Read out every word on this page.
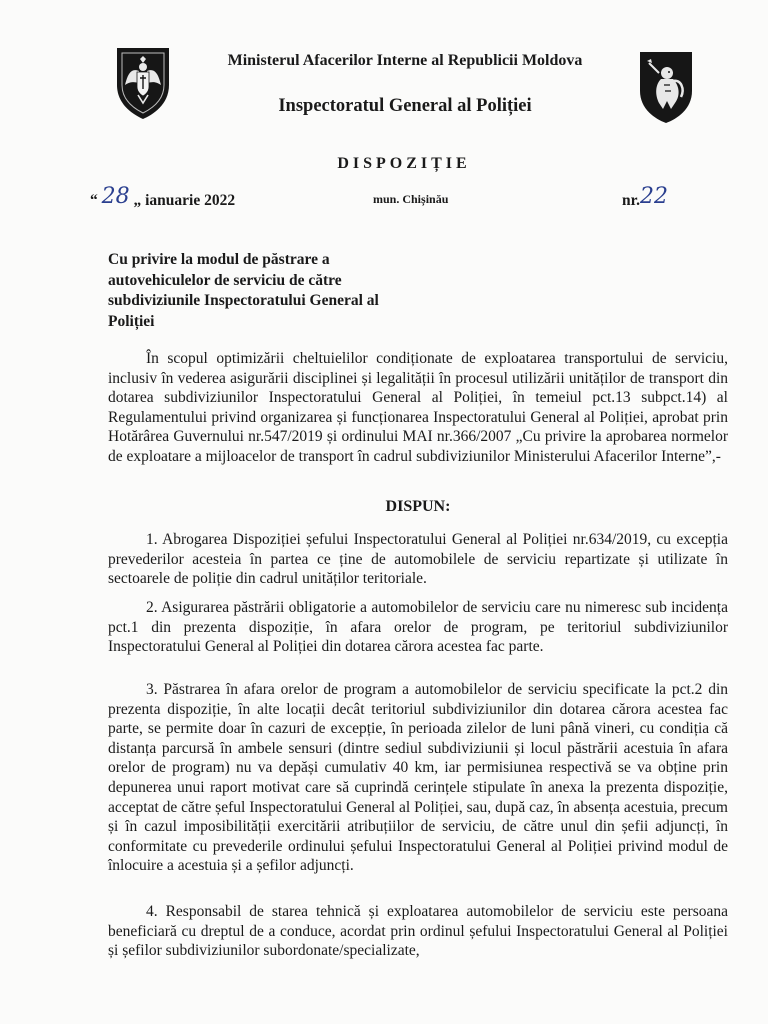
Ministerul Afacerilor Interne al Republicii Moldova
Inspectoratul General al Poliției
DISPOZIȚIE
“ 28 „ ianuarie 2022	mun. Chișinău	nr.22
Cu privire la modul de păstrare a autovehiculelor de serviciu de către subdiviziunile Inspectoratului General al Poliției

În scopul optimizării cheltuielilor condiționate de exploatarea transportului de serviciu, inclusiv în vederea asigurării disciplinei și legalității în procesul utilizării unităților de transport din dotarea subdiviziunilor Inspectoratului General al Poliției, în temeiul pct.13 subpct.14) al Regulamentului privind organizarea și funcționarea Inspectoratului General al Poliției, aprobat prin Hotărârea Guvernului nr.547/2019 și ordinului MAI nr.366/2007 „Cu privire la aprobarea normelor de exploatare a mijloacelor de transport în cadrul subdiviziunilor Ministerului Afacerilor Interne”,-

DISPUN:

1. Abrogarea Dispoziției șefului Inspectoratului General al Poliției nr.634/2019, cu excepția prevederilor acesteia în partea ce ține de automobilele de serviciu repartizate și utilizate în sectoarele de poliție din cadrul unităților teritoriale.

2. Asigurarea păstrării obligatorie a automobilelor de serviciu care nu nimeresc sub incidența pct.1 din prezenta dispoziție, în afara orelor de program, pe teritoriul subdiviziunilor Inspectoratului General al Poliției din dotarea cărora acestea fac parte.

3. Păstrarea în afara orelor de program a automobilelor de serviciu specificate la pct.2 din prezenta dispoziție, în alte locații decât teritoriul subdiviziunilor din dotarea cărora acestea fac parte, se permite doar în cazuri de excepție, în perioada zilelor de luni până vineri, cu condiția că distanța parcursă în ambele sensuri (dintre sediul subdiviziunii și locul păstrării acestuia în afara orelor de program) nu va depăși cumulativ 40 km, iar permisiunea respectivă se va obține prin depunerea unui raport motivat care să cuprindă cerințele stipulate în anexa la prezenta dispoziție, acceptat de către șeful Inspectoratului General al Poliției, sau, după caz, în absența acestuia, precum și în cazul imposibilității exercitării atribuțiilor de serviciu, de către unul din șefii adjuncți, în conformitate cu prevederile ordinului șefului Inspectoratului General al Poliției privind modul de înlocuire a acestuia și a șefilor adjuncți.

4. Responsabil de starea tehnică și exploatarea automobilelor de serviciu este persoana beneficiară cu dreptul de a conduce, acordat prin ordinul șefului Inspectoratului General al Poliției și șefilor subdiviziunilor subordonate/specializate,
